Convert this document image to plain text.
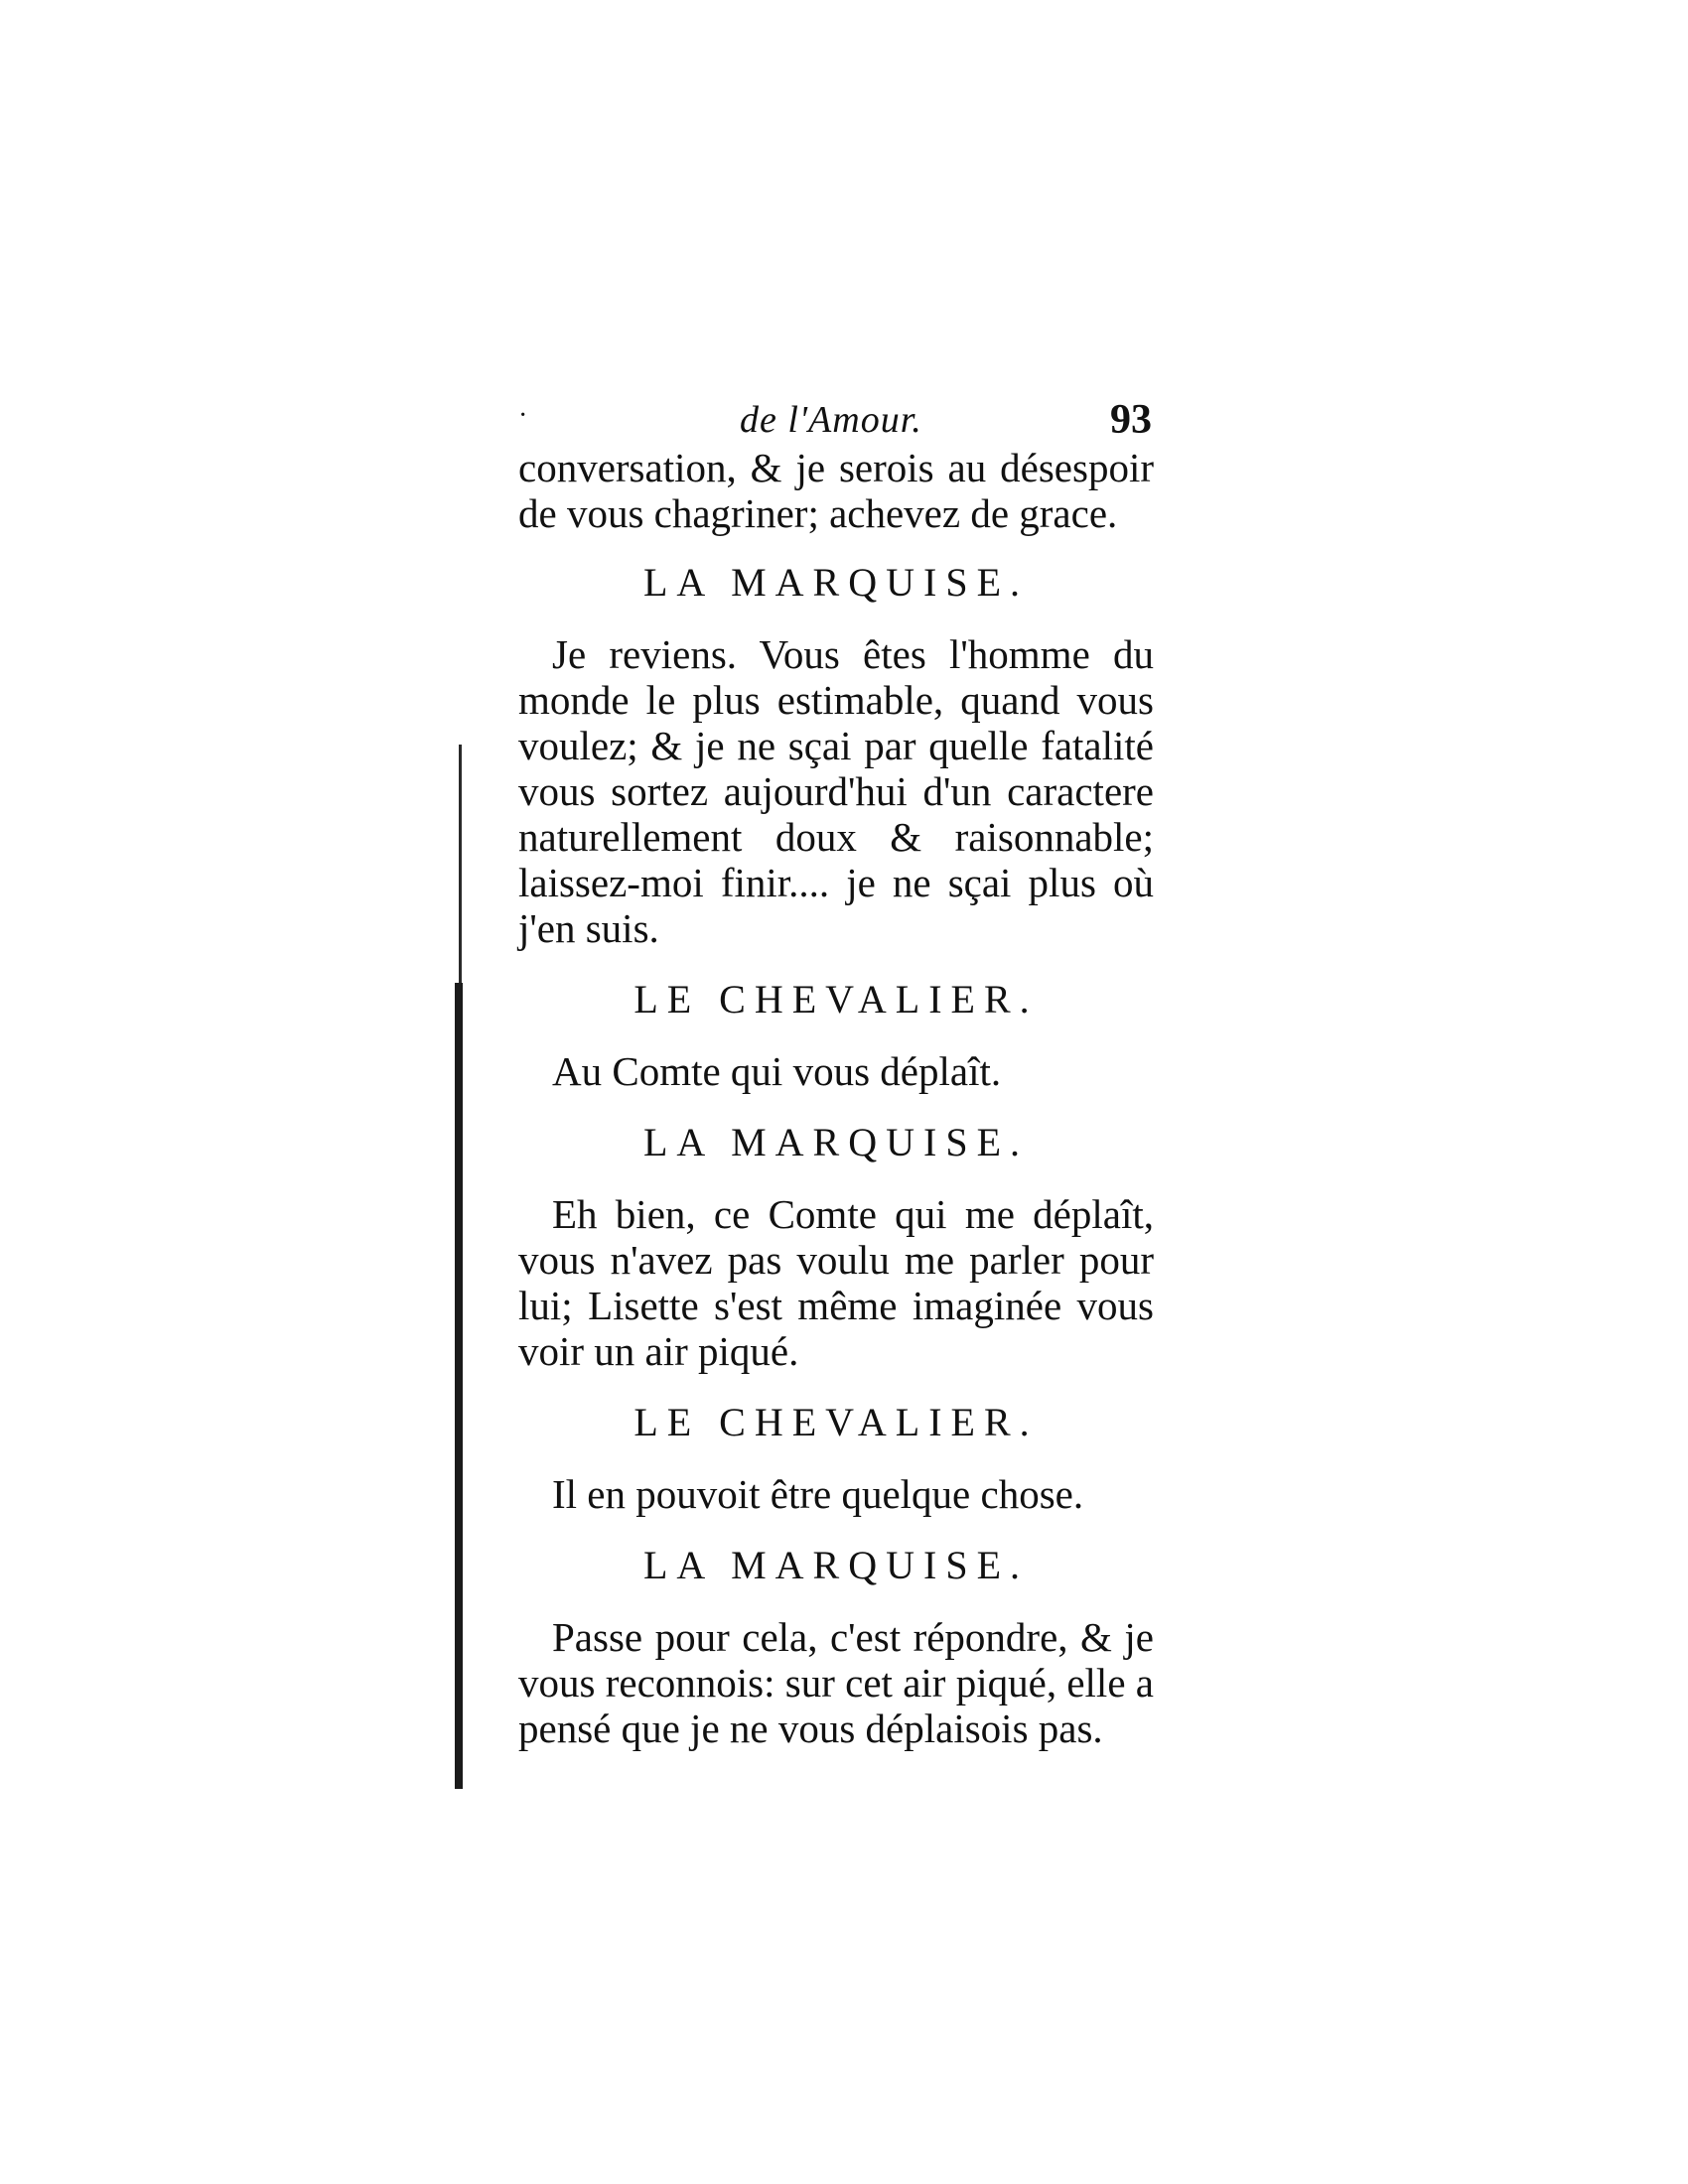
·	de l'Amour.	93

conversation, & je serois au désespoir de vous chagriner; achevez de grace.

LA MARQUISE.

Je reviens. Vous êtes l'homme du monde le plus estimable, quand vous voulez; & je ne sçai par quelle fatalité vous sortez aujourd'hui d'un caractere naturellement doux & raisonnable; laissez-moi finir.... je ne sçai plus où j'en suis.

LE CHEVALIER.

Au Comte qui vous déplaît.

LA MARQUISE.

Eh bien, ce Comte qui me déplaît, vous n'avez pas voulu me parler pour lui; Lisette s'est même imaginée vous voir un air piqué.

LE CHEVALIER.

Il en pouvoit être quelque chose.

LA MARQUISE.

Passe pour cela, c'est répondre, & je vous reconnois: sur cet air piqué, elle a pensé que je ne vous déplaisois pas.
